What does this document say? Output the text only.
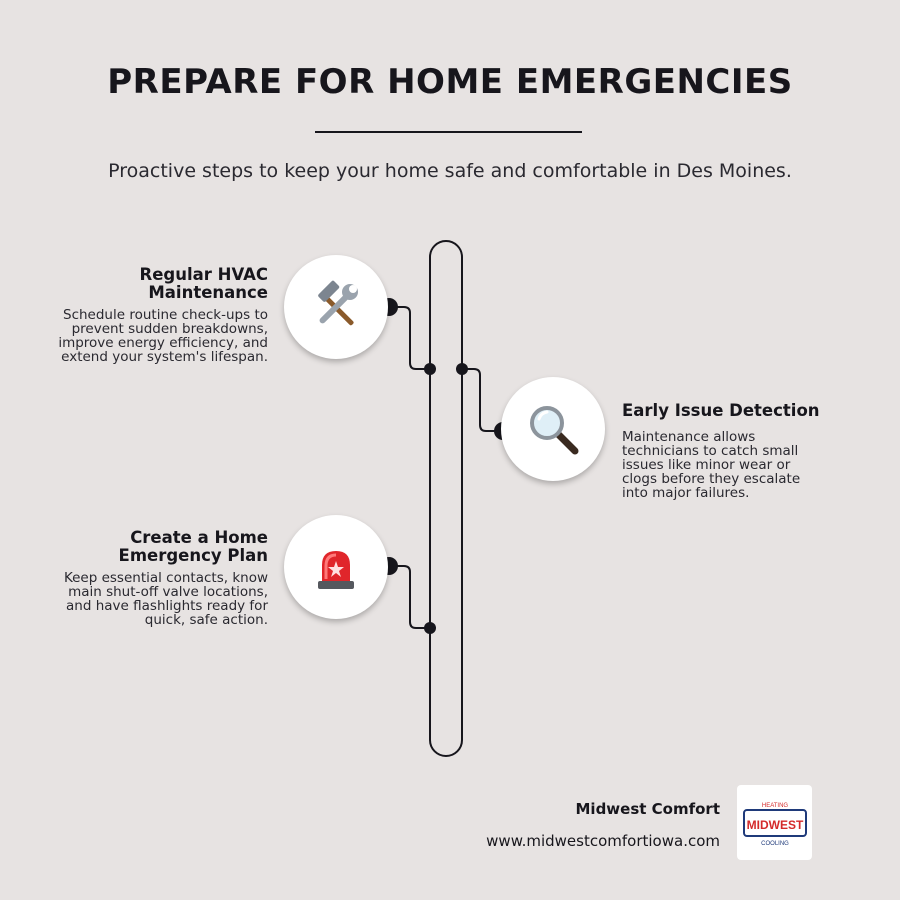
PREPARE FOR HOME EMERGENCIES
Proactive steps to keep your home safe and comfortable in Des Moines.
Regular HVAC Maintenance
Schedule routine check-ups to prevent sudden breakdowns, improve energy efficiency, and extend your system's lifespan.
Early Issue Detection
Maintenance allows technicians to catch small issues like minor wear or clogs before they escalate into major failures.
Create a Home Emergency Plan
Keep essential contacts, know main shut-off valve locations, and have flashlights ready for quick, safe action.
Midwest Comfort
www.midwestcomfortiowa.com
MIDWEST
HEATING
COOLING
